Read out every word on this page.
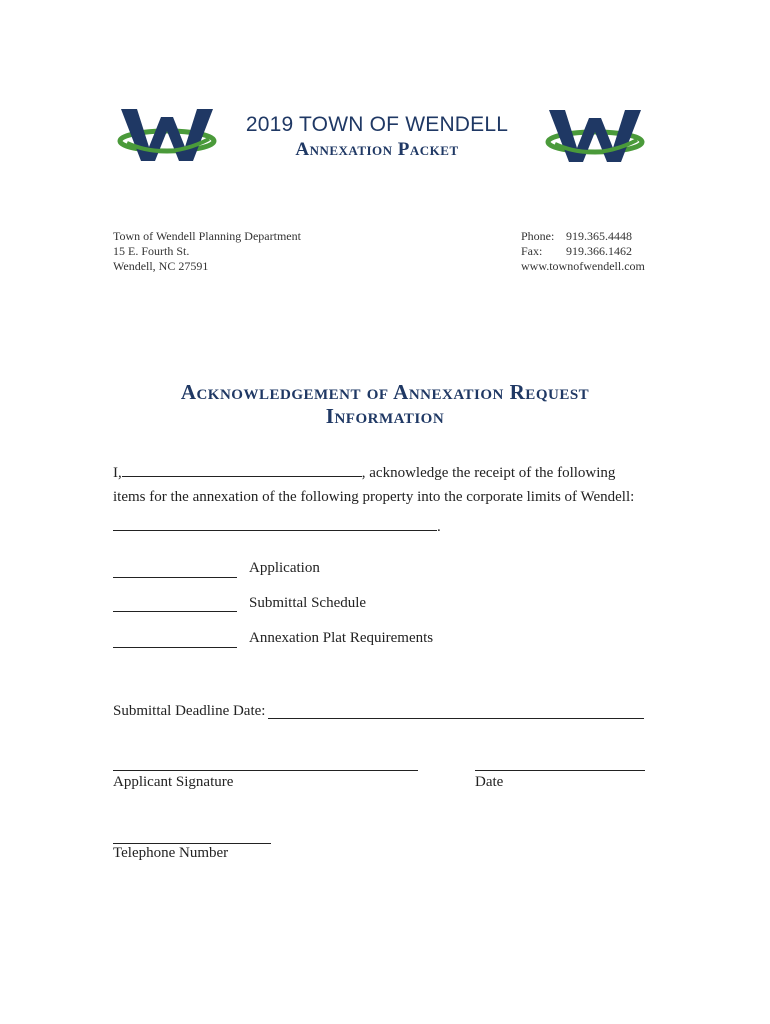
2019 TOWN OF WENDELL
Annexation Packet
Town of Wendell Planning Department
15 E. Fourth St.
Wendell, NC 27591
Phone: 919.365.4448
Fax: 919.366.1462
www.townofwendell.com
Acknowledgement of Annexation Request
Information
I,	, acknowledge the receipt of the following
items for the annexation of the following property into the corporate limits of Wendell:
.
Application
Submittal Schedule
Annexation Plat Requirements
Submittal Deadline Date:
Applicant Signature	Date
Telephone Number
